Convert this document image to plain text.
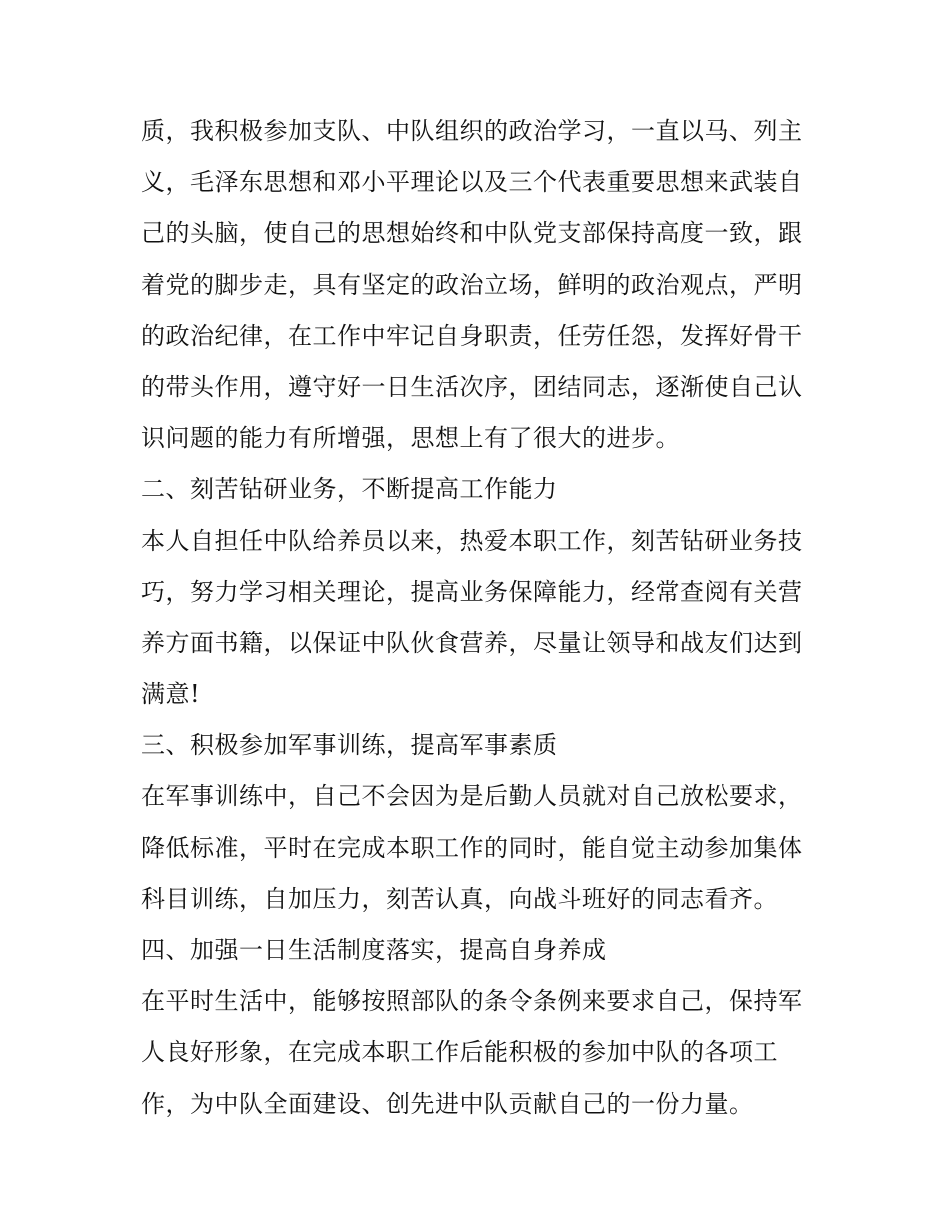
质，我积极参加支队、中队组织的政治学习，一直以马、列主
义，毛泽东思想和邓小平理论以及三个代表重要思想来武装自
己的头脑，使自己的思想始终和中队党支部保持高度一致，跟
着党的脚步走，具有坚定的政治立场，鲜明的政治观点，严明
的政治纪律，在工作中牢记自身职责，任劳任怨，发挥好骨干
的带头作用，遵守好一日生活次序，团结同志，逐渐使自己认
识问题的能力有所增强，思想上有了很大的进步。
二、刻苦钻研业务，不断提高工作能力
本人自担任中队给养员以来，热爱本职工作，刻苦钻研业务技
巧，努力学习相关理论，提高业务保障能力，经常查阅有关营
养方面书籍，以保证中队伙食营养，尽量让领导和战友们达到
满意!
三、积极参加军事训练，提高军事素质
在军事训练中，自己不会因为是后勤人员就对自己放松要求，
降低标准，平时在完成本职工作的同时，能自觉主动参加集体
科目训练，自加压力，刻苦认真，向战斗班好的同志看齐。
四、加强一日生活制度落实，提高自身养成
在平时生活中，能够按照部队的条令条例来要求自己，保持军
人良好形象，在完成本职工作后能积极的参加中队的各项工
作，为中队全面建设、创先进中队贡献自己的一份力量。
